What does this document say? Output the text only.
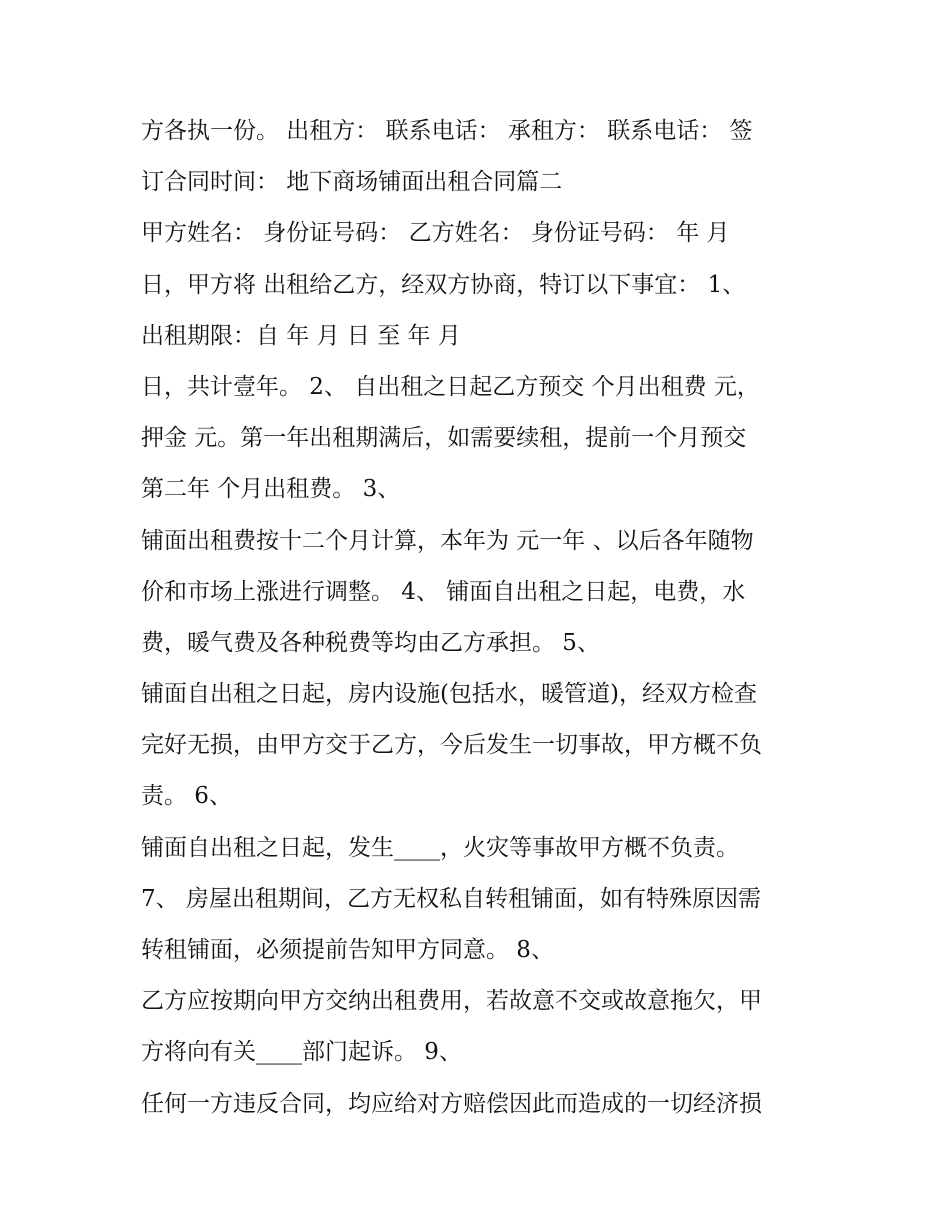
方各执一份。 出租方： 联系电话： 承租方： 联系电话： 签
订合同时间： 地下商场铺面出租合同篇二
甲方姓名： 身份证号码： 乙方姓名： 身份证号码： 年 月
日，甲方将 出租给乙方，经双方协商，特订以下事宜： 1、
出租期限：自 年 月 日 至 年 月
日，共计壹年。 2、 自出租之日起乙方预交 个月出租费 元，
押金 元。第一年出租期满后，如需要续租，提前一个月预交
第二年 个月出租费。 3、
铺面出租费按十二个月计算，本年为 元一年 、以后各年随物
价和市场上涨进行调整。 4、 铺面自出租之日起，电费，水
费，暖气费及各种税费等均由乙方承担。 5、
铺面自出租之日起，房内设施(包括水，暖管道)，经双方检查
完好无损，由甲方交于乙方，今后发生一切事故，甲方概不负
责。 6、
铺面自出租之日起，发生____，火灾等事故甲方概不负责。
7、 房屋出租期间，乙方无权私自转租铺面，如有特殊原因需
转租铺面，必须提前告知甲方同意。 8、
乙方应按期向甲方交纳出租费用，若故意不交或故意拖欠，甲
方将向有关____部门起诉。 9、
任何一方违反合同，均应给对方赔偿因此而造成的一切经济损
